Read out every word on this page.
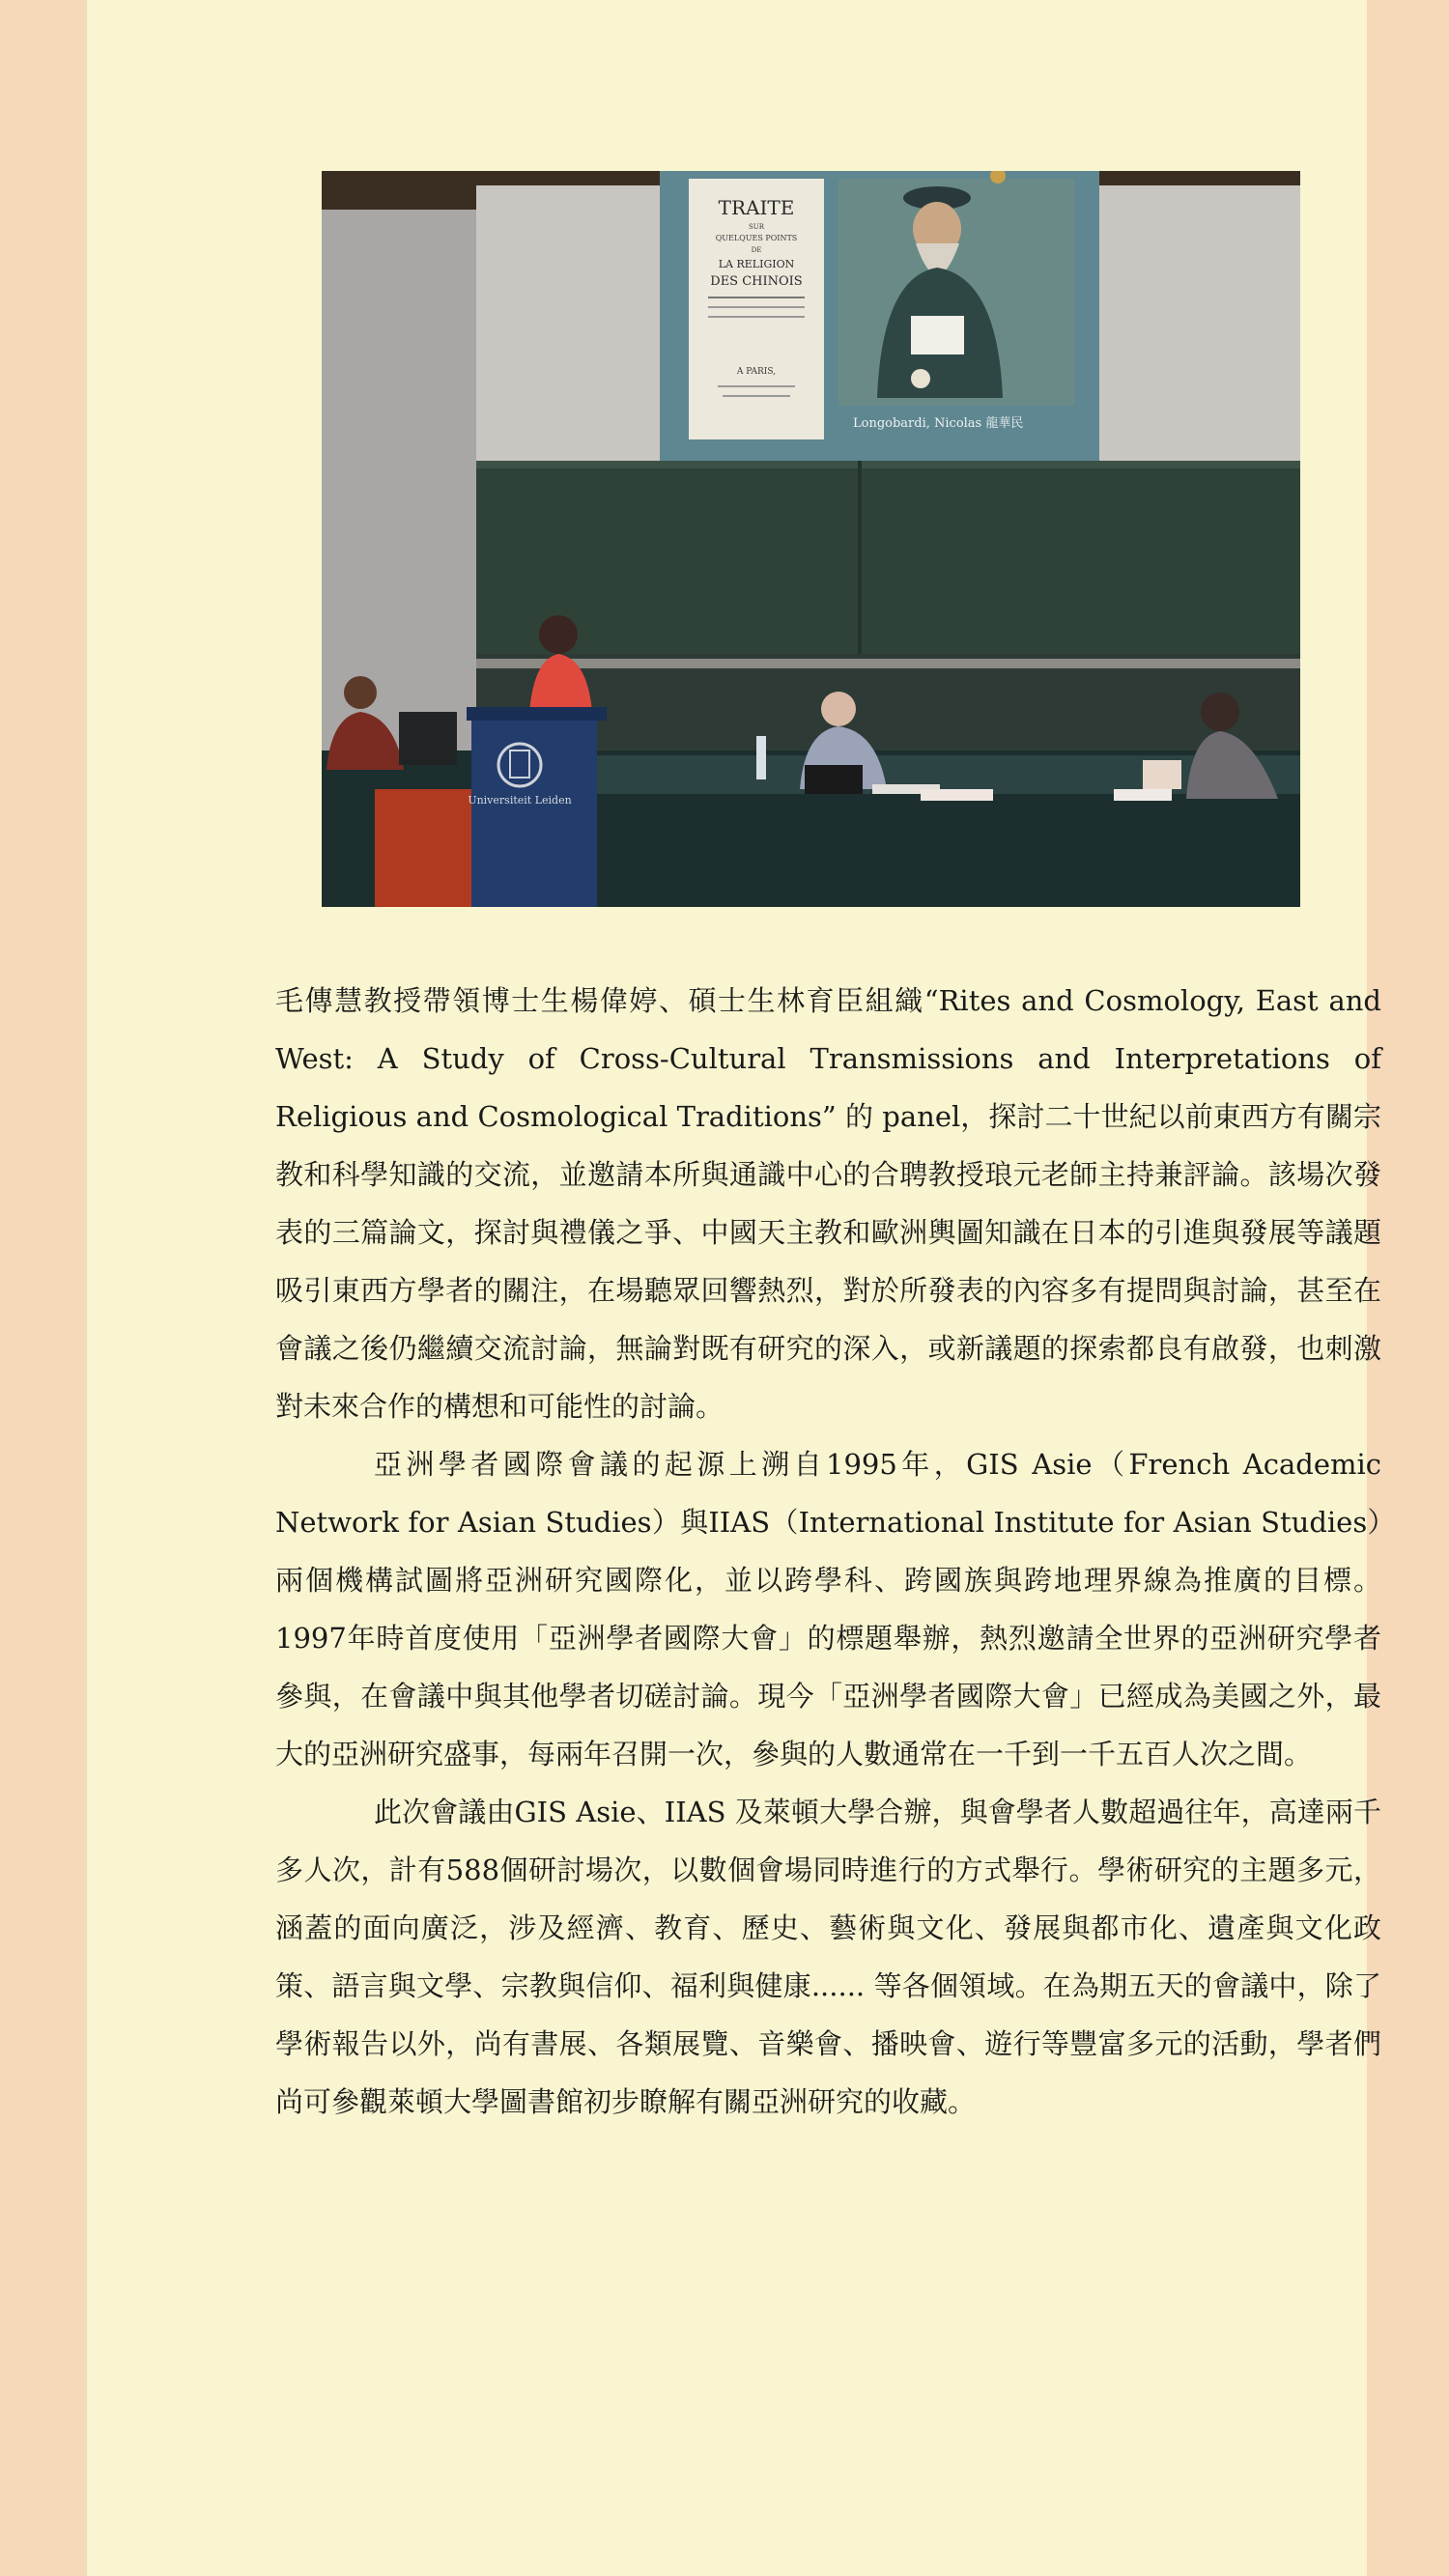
TRAITE
SUR
QUELQUES POINTS
DE
LA RELIGION
DES CHINOIS
A PARIS,
Longobardi, Nicolas 龍華民
Universiteit Leiden

毛傳慧教授帶領博士生楊偉婷、碩士生林育臣組織“Rites and Cosmology, East and West: A Study of Cross-Cultural Transmissions and Interpretations of Religious and Cosmological Traditions” 的 panel，探討二十世紀以前東西方有關宗教和科學知識的交流，並邀請本所與通識中心的合聘教授琅元老師主持兼評論。該場次發表的三篇論文，探討與禮儀之爭、中國天主教和歐洲輿圖知識在日本的引進與發展等議題吸引東西方學者的關注，在場聽眾回響熱烈，對於所發表的內容多有提問與討論，甚至在會議之後仍繼續交流討論，無論對既有研究的深入，或新議題的探索都良有啟發，也刺激對未來合作的構想和可能性的討論。

亞洲學者國際會議的起源上溯自1995年，GIS Asie（French Academic Network for Asian Studies）與IIAS（International Institute for Asian Studies）兩個機構試圖將亞洲研究國際化，並以跨學科、跨國族與跨地理界線為推廣的目標。1997年時首度使用「亞洲學者國際大會」的標題舉辦，熱烈邀請全世界的亞洲研究學者參與，在會議中與其他學者切磋討論。現今「亞洲學者國際大會」已經成為美國之外，最大的亞洲研究盛事，每兩年召開一次，參與的人數通常在一千到一千五百人次之間。

此次會議由GIS Asie、IIAS 及萊頓大學合辦，與會學者人數超過往年，高達兩千多人次，計有588個研討場次，以數個會場同時進行的方式舉行。學術研究的主題多元，涵蓋的面向廣泛，涉及經濟、教育、歷史、藝術與文化、發展與都市化、遺產與文化政策、語言與文學、宗教與信仰、福利與健康...... 等各個領域。在為期五天的會議中，除了學術報告以外，尚有書展、各類展覽、音樂會、播映會、遊行等豐富多元的活動，學者們尚可參觀萊頓大學圖書館初步瞭解有關亞洲研究的收藏。
